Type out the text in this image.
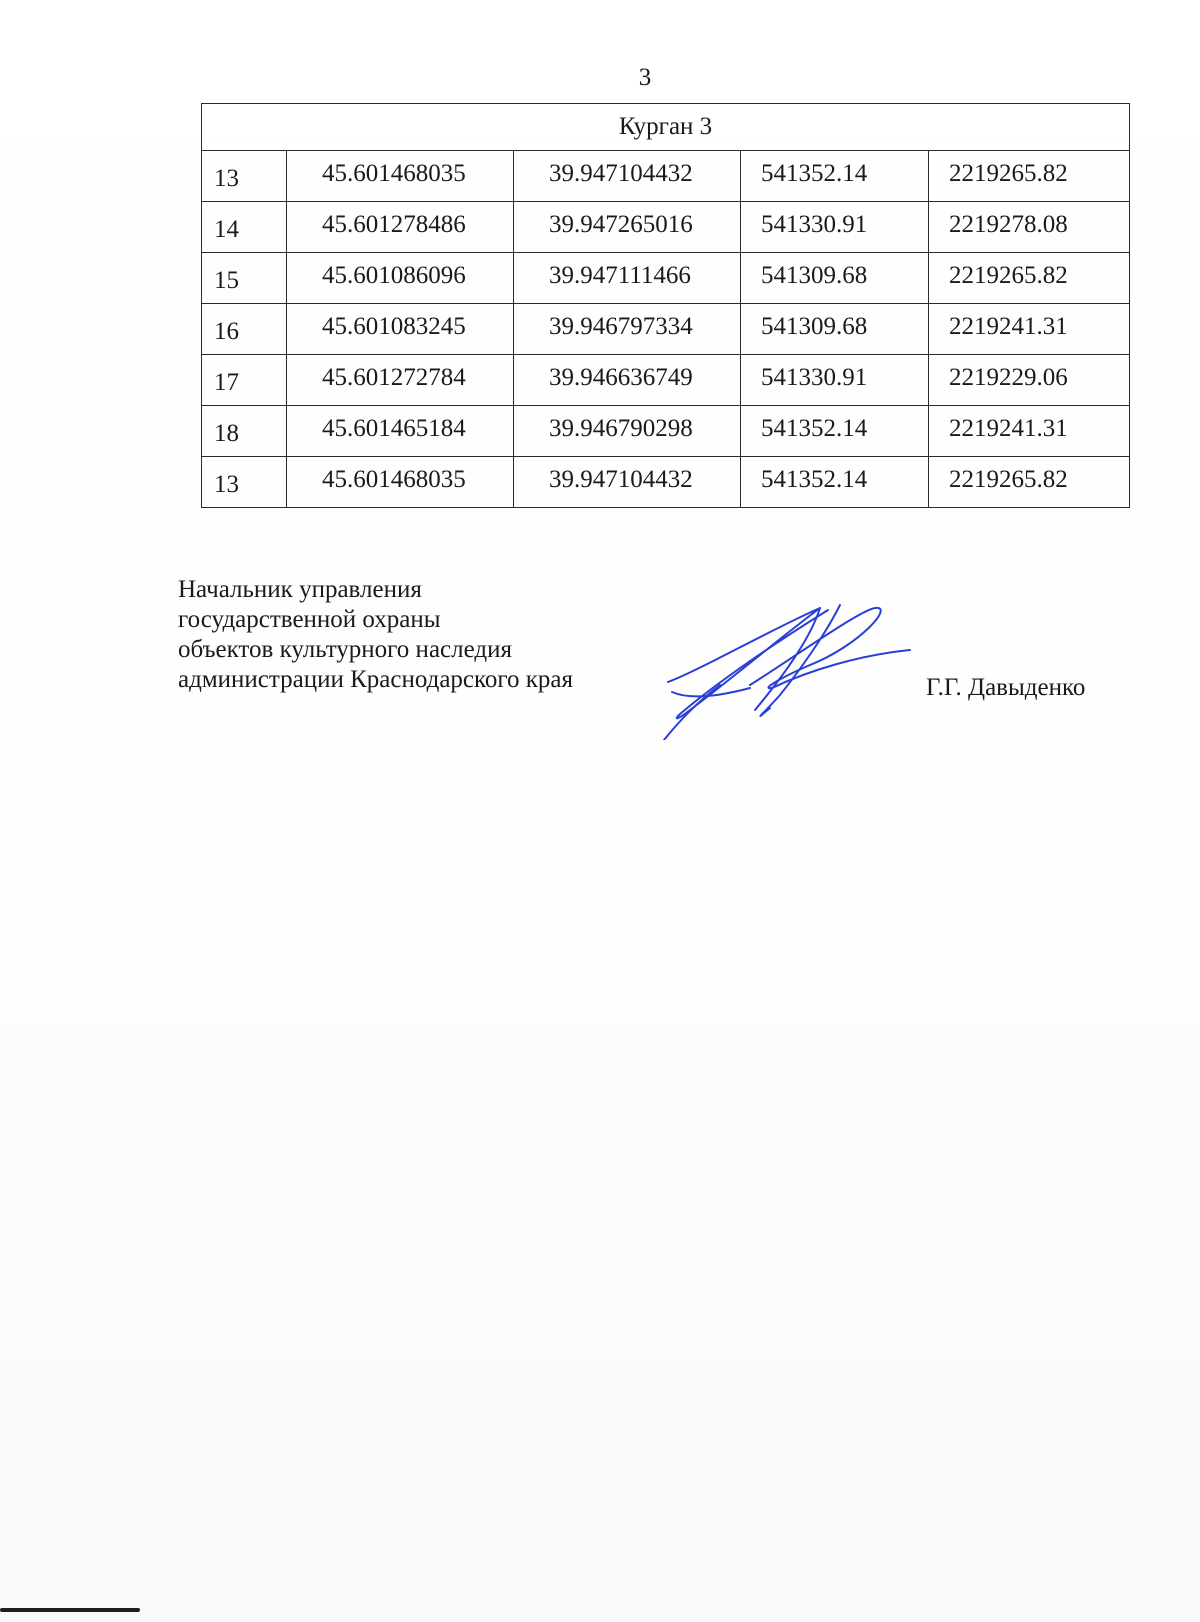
3
Курган 3				
13	45.601468035	39.947104432	541352.14	2219265.82
14	45.601278486	39.947265016	541330.91	2219278.08
15	45.601086096	39.947111466	541309.68	2219265.82
16	45.601083245	39.946797334	541309.68	2219241.31
17	45.601272784	39.946636749	541330.91	2219229.06
18	45.601465184	39.946790298	541352.14	2219241.31
13	45.601468035	39.947104432	541352.14	2219265.82
Начальник управления
государственной охраны
объектов культурного наследия
администрации Краснодарского края	Г.Г. Давыденко
